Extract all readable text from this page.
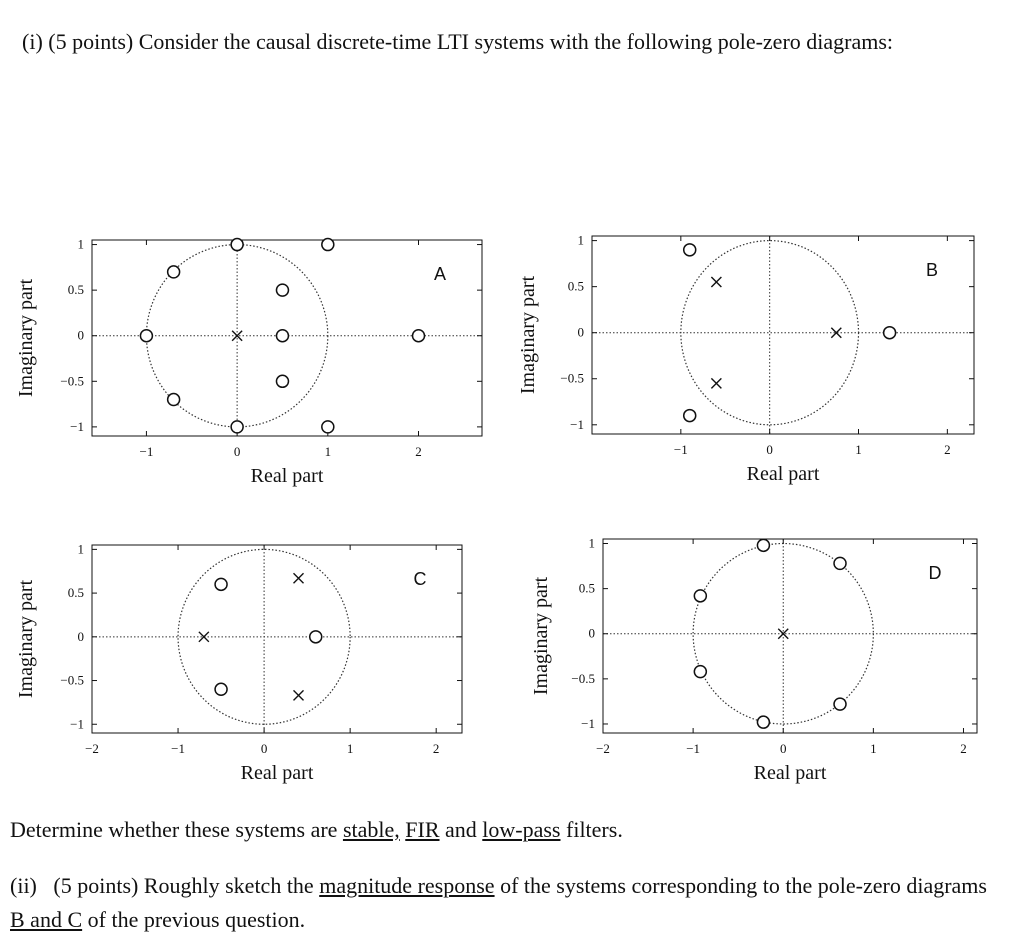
(i) (5 points) Consider the causal discrete-time LTI systems with the following pole-zero diagrams:
1
0.5
0
−0.5
−1
−1	0	1	2
A
Real part
Imaginary part
1
0.5
0
−0.5
−1
−1	0	1	2
B
Real part
Imaginary part
1
0.5
0
−0.5
−1
−2	−1	0	1	2
C
Real part
Imaginary part
1
0.5
0
−0.5
−1
−2	−1	0	1	2
D
Real part
Imaginary part
Determine whether these systems are stable, FIR and low-pass filters.
(ii) (5 points) Roughly sketch the magnitude response of the systems corresponding to the pole-zero diagrams B and C of the previous question.
